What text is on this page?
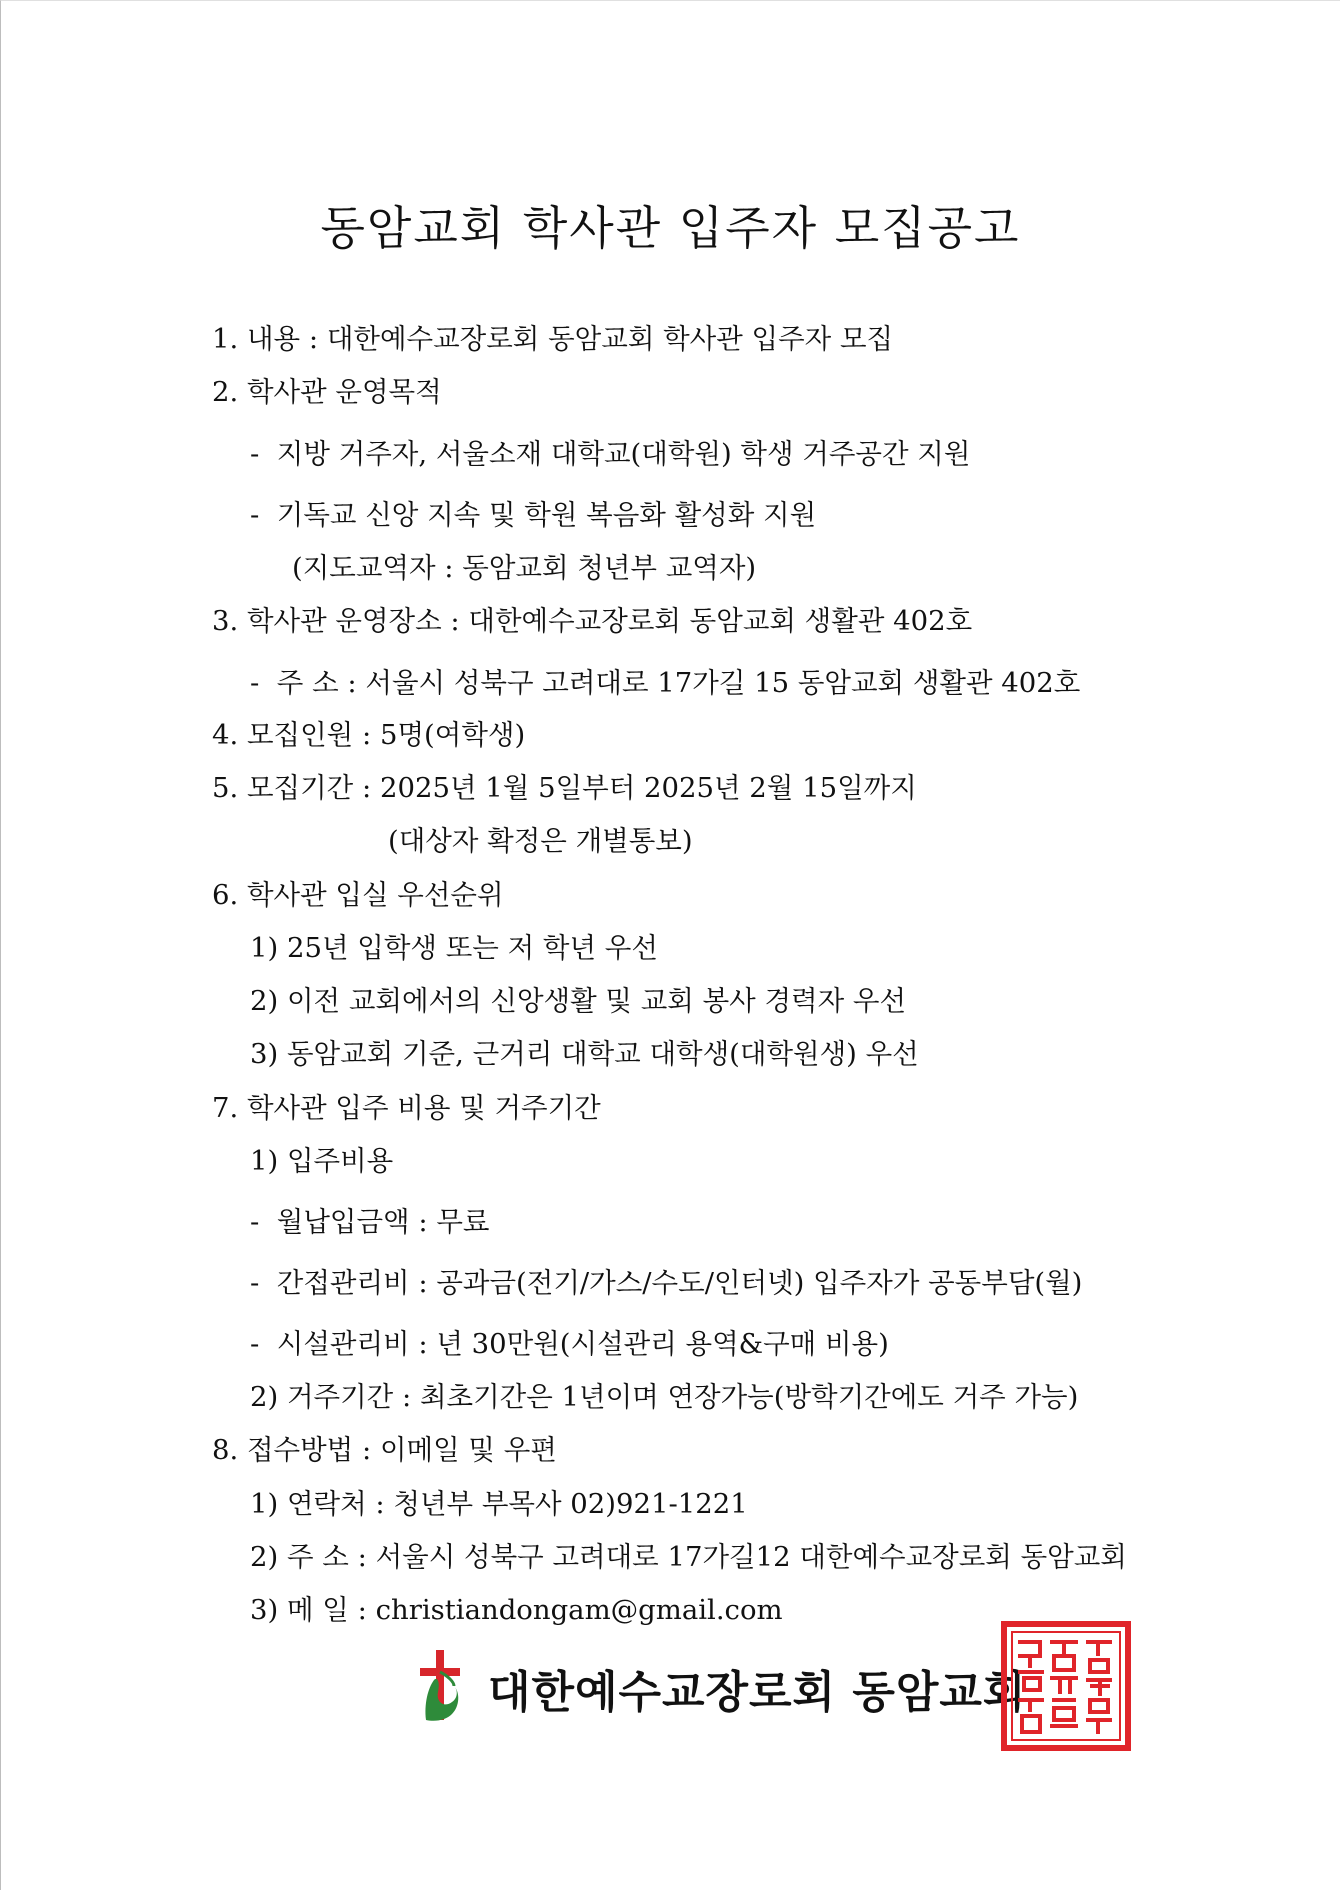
동암교회 학사관 입주자 모집공고
1. 내용 : 대한예수교장로회 동암교회 학사관 입주자 모집
2. 학사관 운영목적
-  지방 거주자, 서울소재 대학교(대학원) 학생 거주공간 지원
-  기독교 신앙 지속 및 학원 복음화 활성화 지원
(지도교역자 : 동암교회 청년부 교역자)
3. 학사관 운영장소 : 대한예수교장로회 동암교회 생활관 402호
-  주 소 : 서울시 성북구 고려대로 17가길 15 동암교회 생활관 402호
4. 모집인원 : 5명(여학생)
5. 모집기간 : 2025년 1월 5일부터 2025년 2월 15일까지
(대상자 확정은 개별통보)
6. 학사관 입실 우선순위
1) 25년 입학생 또는 저 학년 우선
2) 이전 교회에서의 신앙생활 및 교회 봉사 경력자 우선
3) 동암교회 기준, 근거리 대학교 대학생(대학원생) 우선
7. 학사관 입주 비용 및 거주기간
1) 입주비용
-  월납입금액 : 무료
-  간접관리비 : 공과금(전기/가스/수도/인터넷) 입주자가 공동부담(월)
-  시설관리비 : 년 30만원(시설관리 용역&구매 비용)
2) 거주기간 : 최초기간은 1년이며 연장가능(방학기간에도 거주 가능)
8. 접수방법 : 이메일 및 우편
1) 연락처 : 청년부 부목사 02)921-1221
2) 주 소 : 서울시 성북구 고려대로 17가길12 대한예수교장로회 동암교회
3) 메 일 : christiandongam@gmail.com
대한예수교장로회 동암교회
